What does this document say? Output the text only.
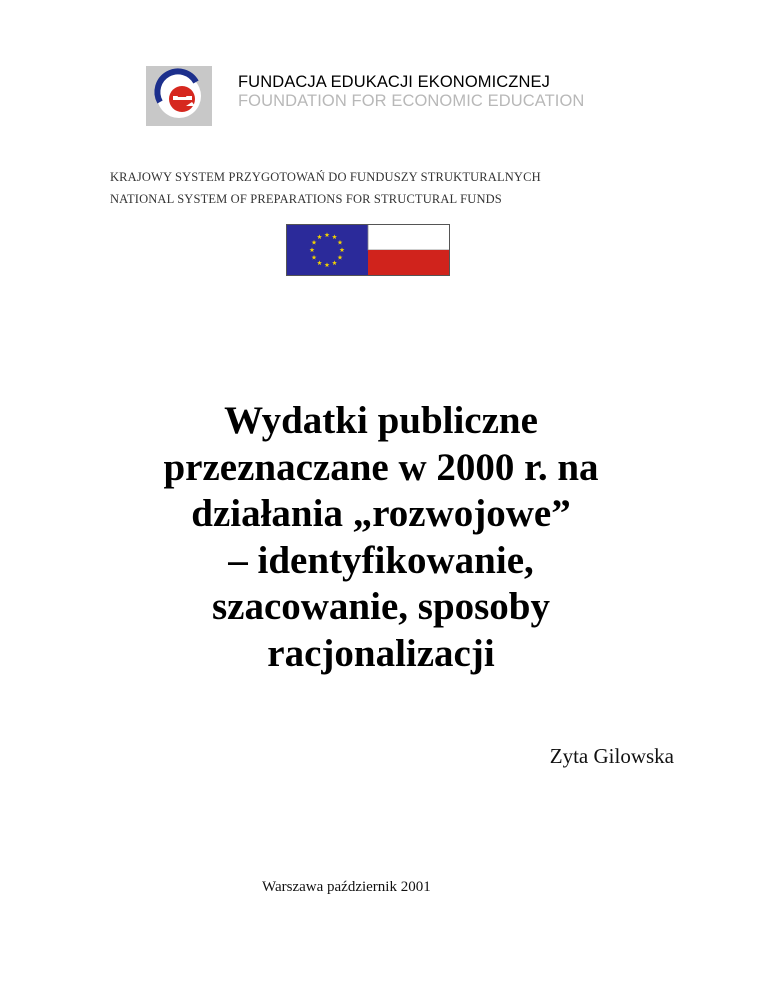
FUNDACJA EDUKACJI EKONOMICZNEJ
FOUNDATION FOR ECONOMIC EDUCATION
KRAJOWY SYSTEM PRZYGOTOWAŃ DO FUNDUSZY STRUKTURALNYCH
NATIONAL SYSTEM OF PREPARATIONS FOR STRUCTURAL FUNDS
Wydatki publiczne
przeznaczane w 2000 r. na
działania „rozwojowe”
– identyfikowanie,
szacowanie, sposoby
racjonalizacji
Zyta Gilowska
Warszawa październik 2001
